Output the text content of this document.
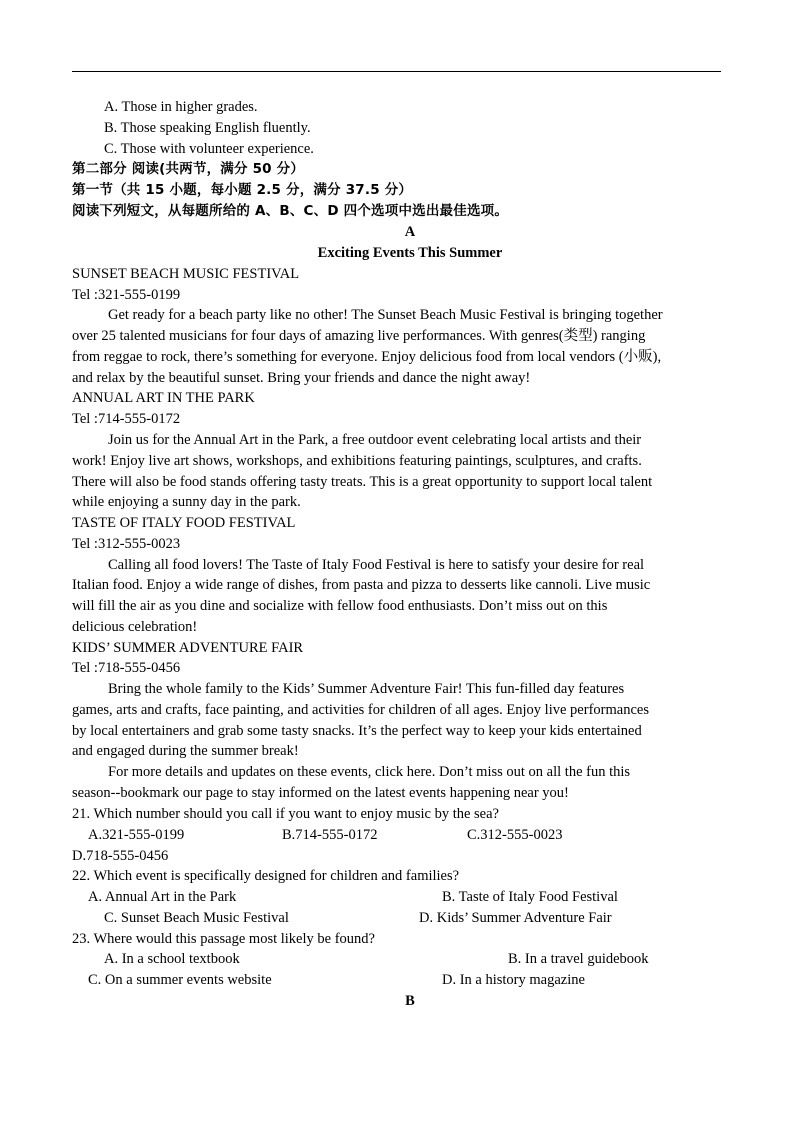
A. Those in higher grades.
B. Those speaking English fluently.
C. Those with volunteer experience.
第二部分 阅读(共两节，满分 50 分）
第一节（共 15 小题，每小题 2.5 分，满分 37.5 分）
阅读下列短文，从每题所给的 A、B、C、D 四个选项中选出最佳选项。
A
Exciting Events This Summer
SUNSET BEACH MUSIC FESTIVAL
Tel :321-555-0199
Get ready for a beach party like no other! The Sunset Beach Music Festival is bringing together
over 25 talented musicians for four days of amazing live performances. With genres(类型) ranging
from reggae to rock, there’s something for everyone. Enjoy delicious food from local vendors (小贩),
and relax by the beautiful sunset. Bring your friends and dance the night away!
ANNUAL ART IN THE PARK
Tel :714-555-0172
Join us for the Annual Art in the Park, a free outdoor event celebrating local artists and their
work! Enjoy live art shows, workshops, and exhibitions featuring paintings, sculptures, and crafts.
There will also be food stands offering tasty treats. This is a great opportunity to support local talent
while enjoying a sunny day in the park.
TASTE OF ITALY FOOD FESTIVAL
Tel :312-555-0023
Calling all food lovers! The Taste of Italy Food Festival is here to satisfy your desire for real
Italian food. Enjoy a wide range of dishes, from pasta and pizza to desserts like cannoli. Live music
will fill the air as you dine and socialize with fellow food enthusiasts. Don’t miss out on this
delicious celebration!
KIDS’ SUMMER ADVENTURE FAIR
Tel :718-555-0456
Bring the whole family to the Kids’ Summer Adventure Fair! This fun-filled day features
games, arts and crafts, face painting, and activities for children of all ages. Enjoy live performances
by local entertainers and grab some tasty snacks. It’s the perfect way to keep your kids entertained
and engaged during the summer break!
For more details and updates on these events, click here. Don’t miss out on all the fun this
season--bookmark our page to stay informed on the latest events happening near you!
21. Which number should you call if you want to enjoy music by the sea?
A.321-555-0199	B.714-555-0172	C.312-555-0023
D.718-555-0456
22. Which event is specifically designed for children and families?
A. Annual Art in the Park	B. Taste of Italy Food Festival
C. Sunset Beach Music Festival	D. Kids’ Summer Adventure Fair
23. Where would this passage most likely be found?
A. In a school textbook	B. In a travel guidebook
C. On a summer events website	D. In a history magazine
B
